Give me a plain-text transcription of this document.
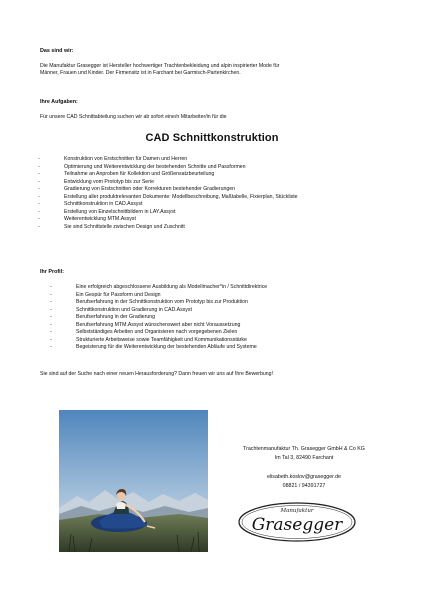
Das sind wir:
Die Manufaktur Grasegger ist Hersteller hochwertiger Trachtenbekleidung und alpin inspirierter Mode für
Männer, Frauen und Kinder. Der Firmensitz ist in Farchant bei Garmisch-Partenkirchen.
Ihre Aufgaben:
Für unsere CAD Schnittabteilung suchen wir ab sofort eine/n Mitarbeiter/in für die
CAD Schnittkonstruktion
-	Konstruktion von Erstschnitten für Damen und Herren
-	Optimierung und Weiterentwicklung der bestehenden Schnitte und Passformen
-	Teilnahme an Anproben für Kollektion und Größensatzbeurteilung
-	Entwicklung vom Prototyp bis zur Serie
-	Gradierung von Erstschnitten oder Korrekturen bestehender Gradierungen
-	Erstellung aller produktrelevanten Dokumente: Modellbeschreibung, Maßtabelle, Fixierplan, Stückliste
-	Schnittkonstruktion in CAD.Assyst
-	Erstellung von Einzelschnittbildern in LAY.Assyst
-	Weiterentwicklung MTM.Assyst
-	Sie sind Schnittstelle zwischen Design und Zuschnitt
Ihr Profil:
-	Eine erfolgreich abgeschlossene Ausbildung als Modellmacher*in / Schnittdirektrice
-	Ein Gespür für Passform und Design
-	Berufserfahrung in der Schnittkonstruktion vom Prototyp bis zur Produktion
-	Schnittkonstruktion und Gradierung in CAD.Assyst
-	Berufserfahrung in der Gradierung
-	Berufserfahrung MTM.Assyst wünschenswert aber nicht Voraussetzung
-	Selbstständiges Arbeiten und Organisieren nach vorgegebenen Zielen
-	Strukturierte Arbeitsweise sowie Teamfähigkeit und Kommunikationsstärke
-	Begeisterung für die Weiterentwicklung der bestehenden Abläufe und Systeme
Sie sind auf der Suche nach einer neuen Herausforderung? Dann freuen wir uns auf Ihre Bewerbung!
Trachtenmanufaktur Th. Grasegger GmbH & Co KG
Im Tal 3, 82490 Farchant
elisabeth.koslov@grasegger.de
08821 / 94391727
Manufaktur
Grasegger
